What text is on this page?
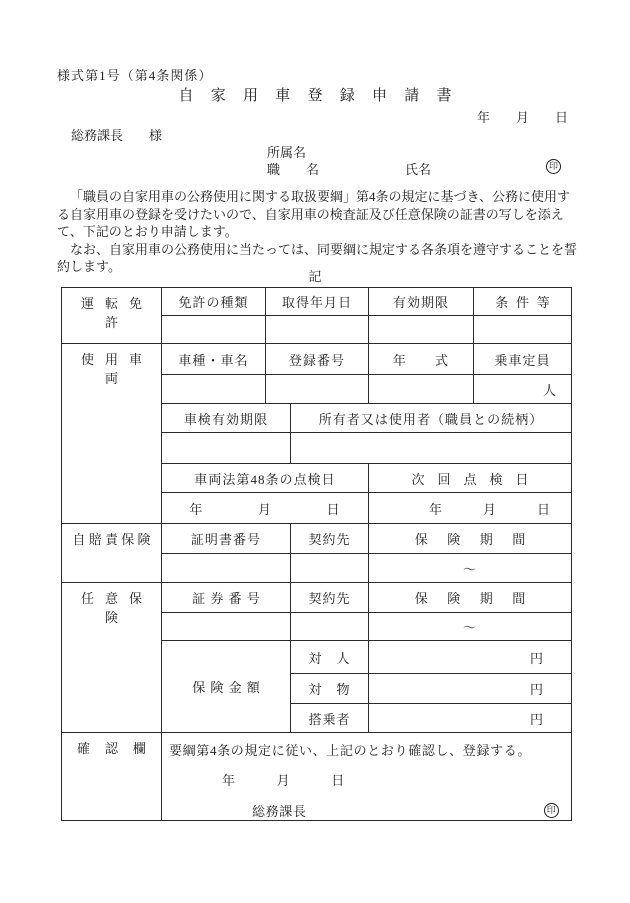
様式第1号（第4条関係）
自家用車登録申請書
年　　月　　日
総務課長　　様
所属名
職　　名	氏名	印
「職員の自家用車の公務使用に関する取扱要綱」第4条の規定に基づき、公務に使用す
る自家用車の登録を受けたいので、自家用車の検査証及び任意保険の証書の写しを添え
て、下記のとおり申請します。
なお、自家用車の公務使用に当たっては、同要綱に規定する各条項を遵守することを誓
約します。
記
運転免許	免許の種類	取得年月日		有効期限	条件等

使用車両	車種・車名	登録番号		年　　式	乗車定員
					人
	車検有効期限		所有者又は使用者（職員との続柄）		

	車両法第48条の点検日			次回点検日	

	年 月 日			年 月 日	

自賠責保険	証明書番号		契約先	保険期間	
				～	
任意保険	証券番号		契約先	保険期間	
				～	
	保険金額		対　人	円	
			対　物	円	
			搭乗者	円	
確認欄	要綱第4条の規定に従い、上記のとおり確認し、登録する。
年　　　月　　　日
総務課長 印				
